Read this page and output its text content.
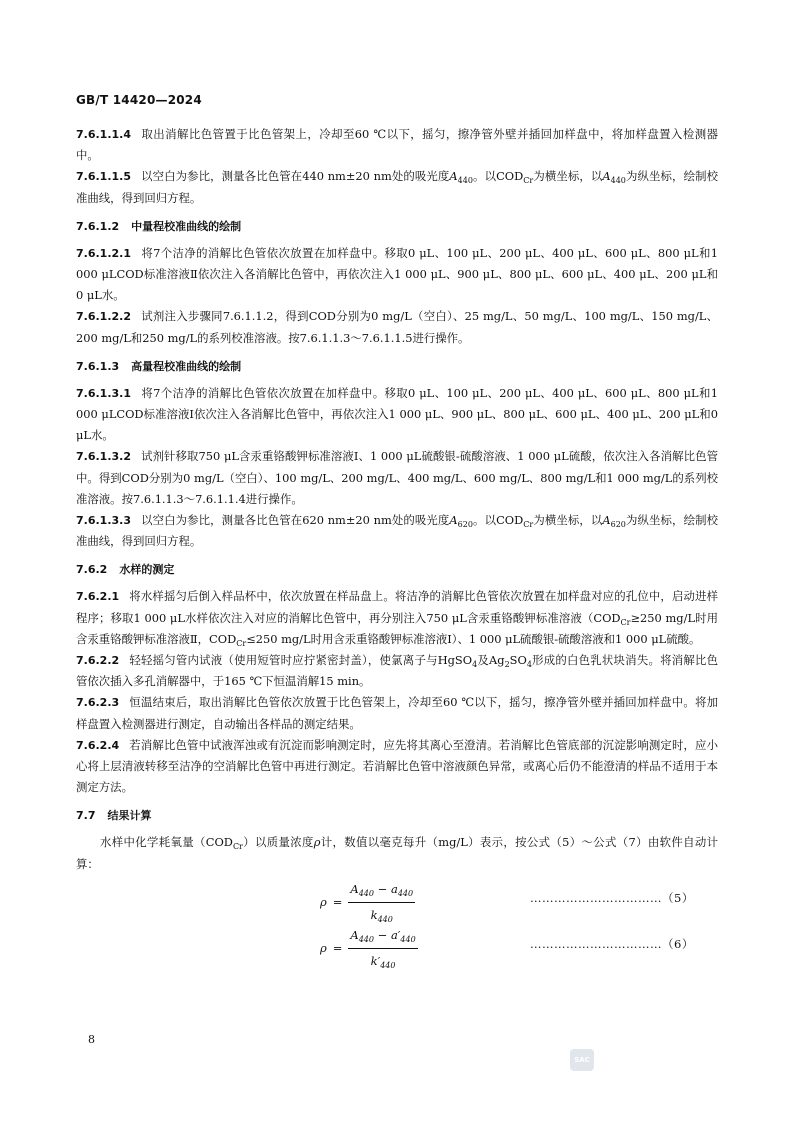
GB/T 14420—2024

7.6.1.1.4 取出消解比色管置于比色管架上，冷却至60 ℃以下，摇匀，擦净管外壁并插回加样盘中，将加样盘置入检测器中。

7.6.1.1.5 以空白为参比，测量各比色管在440 nm±20 nm处的吸光度$A_{440}$。以$COD_{Cr}$为横坐标，以$A_{440}$为纵坐标，绘制校准曲线，得到回归方程。

7.6.1.2 中量程校准曲线的绘制

7.6.1.2.1 将7个洁净的消解比色管依次放置在加样盘中。移取0 μL、100 μL、200 μL、400 μL、600 μL、800 μL和1 000 μLCOD标准溶液Ⅱ依次注入各消解比色管中，再依次注入1 000 μL、900 μL、800 μL、600 μL、400 μL、200 μL和0 μL水。

7.6.1.2.2 试剂注入步骤同7.6.1.1.2，得到COD分别为0 mg/L（空白）、25 mg/L、50 mg/L、100 mg/L、150 mg/L、200 mg/L和250 mg/L的系列校准溶液。按7.6.1.1.3～7.6.1.1.5进行操作。

7.6.1.3 高量程校准曲线的绘制

7.6.1.3.1 将7个洁净的消解比色管依次放置在加样盘中。移取0 μL、100 μL、200 μL、400 μL、600 μL、800 μL和1 000 μLCOD标准溶液Ⅰ依次注入各消解比色管中，再依次注入1 000 μL、900 μL、800 μL、600 μL、400 μL、200 μL和0 μL水。

7.6.1.3.2 试剂针移取750 μL含汞重铬酸钾标准溶液Ⅰ、1 000 μL硫酸银-硫酸溶液、1 000 μL硫酸，依次注入各消解比色管中。得到COD分别为0 mg/L（空白）、100 mg/L、200 mg/L、400 mg/L、600 mg/L、800 mg/L和1 000 mg/L的系列校准溶液。按7.6.1.1.3～7.6.1.1.4进行操作。

7.6.1.3.3 以空白为参比，测量各比色管在620 nm±20 nm处的吸光度$A_{620}$。以$COD_{Cr}$为横坐标，以$A_{620}$为纵坐标，绘制校准曲线，得到回归方程。

7.6.2 水样的测定

7.6.2.1 将水样摇匀后倒入样品杯中，依次放置在样品盘上。将洁净的消解比色管依次放置在加样盘对应的孔位中，启动进样程序；移取1 000 μL水样依次注入对应的消解比色管中，再分别注入750 μL含汞重铬酸钾标准溶液（$COD_{Cr}\ge 250$ mg/L时用含汞重铬酸钾标准溶液Ⅱ，$COD_{Cr}\le 250$ mg/L时用含汞重铬酸钾标准溶液Ⅰ）、1 000 μL硫酸银-硫酸溶液和1 000 μL硫酸。

7.6.2.2 轻轻摇匀管内试液（使用短管时应拧紧密封盖），使氯离子与HgSO$_4$及$Ag_2SO_4$形成的白色乳状块消失。将消解比色管依次插入多孔消解器中，于165 ℃下恒温消解15 min。

7.6.2.3 恒温结束后，取出消解比色管依次放置于比色管架上，冷却至60 ℃以下，摇匀，擦净管外壁并插回加样盘中。将加样盘置入检测器进行测定，自动输出各样品的测定结果。

7.6.2.4 若消解比色管中试液浑浊或有沉淀而影响测定时，应先将其离心至澄清。若消解比色管底部的沉淀影响测定时，应小心将上层清液转移至洁净的空消解比色管中再进行测定。若消解比色管中溶液颜色异常，或离心后仍不能澄清的样品不适用于本测定方法。

7.7 结果计算

水样中化学耗氧量$(COD_{Cr})$以质量浓度ρ计，数值以毫克每升（mg/L）表示，按公式（5）～公式（7）由软件自动计算：

$\rho = \frac{A_{440} - a_{440}}{k_{440}}$	……………………………（5）
$\rho = \frac{A_{440} - a'_{440}}{k'_{440}}$	……………………………（6）
8
SAC
